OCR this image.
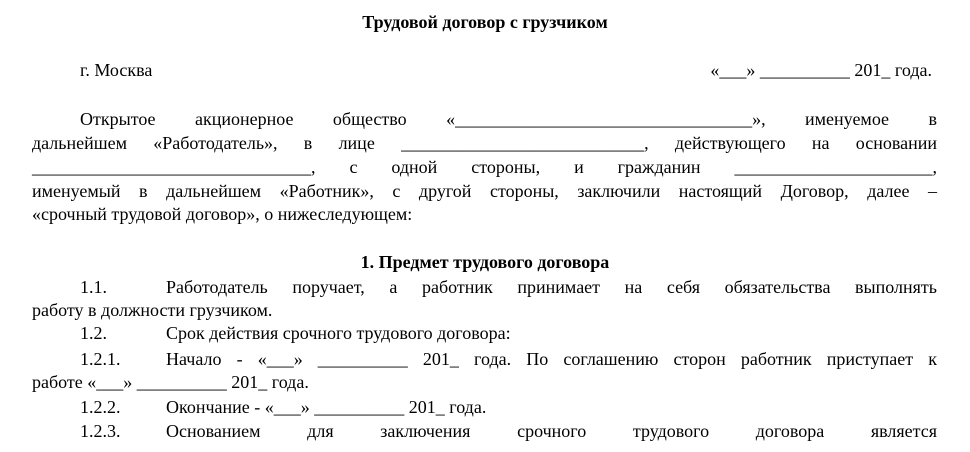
Трудовой договор с грузчиком
г. Москва	«___» __________ 201_ года.
Открытое акционерное общество «_________________________________», именуемое в
дальнейшем «Работодатель», в лице ___________________________, действующего на основании
_______________________________, с одной стороны, и гражданин ______________________,
именуемый в дальнейшем «Работник», с другой стороны, заключили настоящий Договор, далее –
«срочный трудовой договор», о нижеследующем:
1. Предмет трудового договора
1.1.	Работодатель поручает, а работник принимает на себя обязательства выполнять
работу в должности грузчиком.
1.2.	Срок действия срочного трудового договора:
1.2.1.	Начало - «___» __________ 201_ года. По соглашению сторон работник приступает к
работе «___» __________ 201_ года.
1.2.2.	Окончание - «___» __________ 201_ года.
1.2.3.	Основанием для заключения срочного трудового договора является
